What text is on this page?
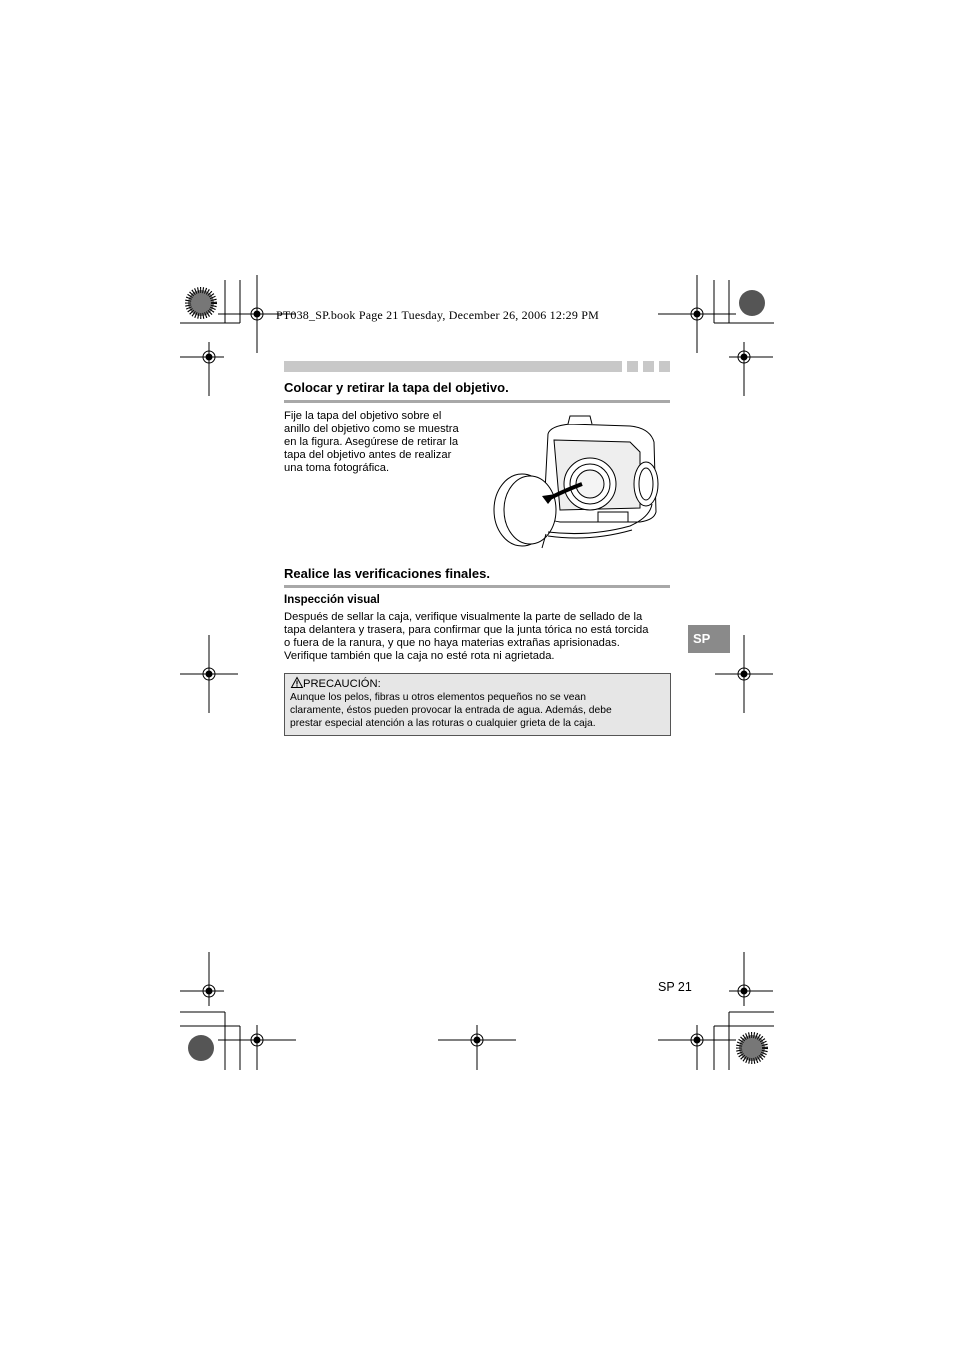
PT038_SP.book Page 21 Tuesday, December 26, 2006 12:29 PM
Colocar y retirar la tapa del objetivo.
Fije la tapa del objetivo sobre el
anillo del objetivo como se muestra
en la figura. Asegúrese de retirar la
tapa del objetivo antes de realizar
una toma fotográfica.
Realice las verificaciones finales.
Inspección visual
Después de sellar la caja, verifique visualmente la parte de sellado de la
tapa delantera y trasera, para confirmar que la junta tórica no está torcida
o fuera de la ranura, y que no haya materias extrañas aprisionadas.
Verifique también que la caja no esté rota ni agrietada.
PRECAUCIÓN:
Aunque los pelos, fibras u otros elementos pequeños no se vean
claramente, éstos pueden provocar la entrada de agua. Además, debe
prestar especial atención a las roturas o cualquier grieta de la caja.
SP
SP 21
